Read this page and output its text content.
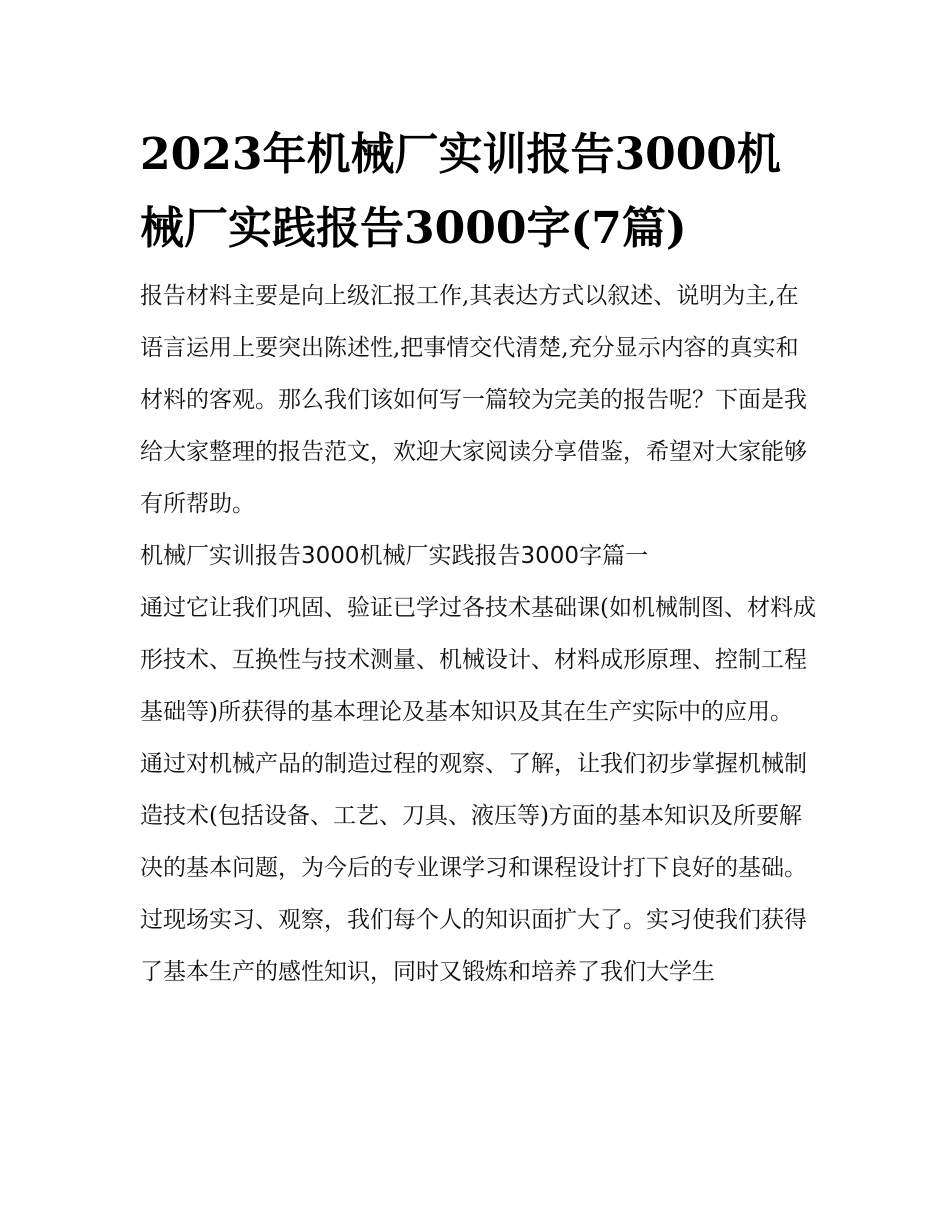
2023年机械厂实训报告3000机械厂实践报告3000字(7篇)

报告材料主要是向上级汇报工作,其表达方式以叙述、说明为主,在语言运用上要突出陈述性,把事情交代清楚,充分显示内容的真实和材料的客观。那么我们该如何写一篇较为完美的报告呢？下面是我给大家整理的报告范文，欢迎大家阅读分享借鉴，希望对大家能够有所帮助。

机械厂实训报告3000机械厂实践报告3000字篇一

通过它让我们巩固、验证已学过各技术基础课(如机械制图、材料成形技术、互换性与技术测量、机械设计、材料成形原理、控制工程基础等)所获得的基本理论及基本知识及其在生产实际中的应用。

通过对机械产品的制造过程的观察、了解，让我们初步掌握机械制造技术(包括设备、工艺、刀具、液压等)方面的基本知识及所要解决的基本问题，为今后的专业课学习和课程设计打下良好的基础。

过现场实习、观察，我们每个人的知识面扩大了。实习使我们获得了基本生产的感性知识，同时又锻炼和培养了我们大学生
